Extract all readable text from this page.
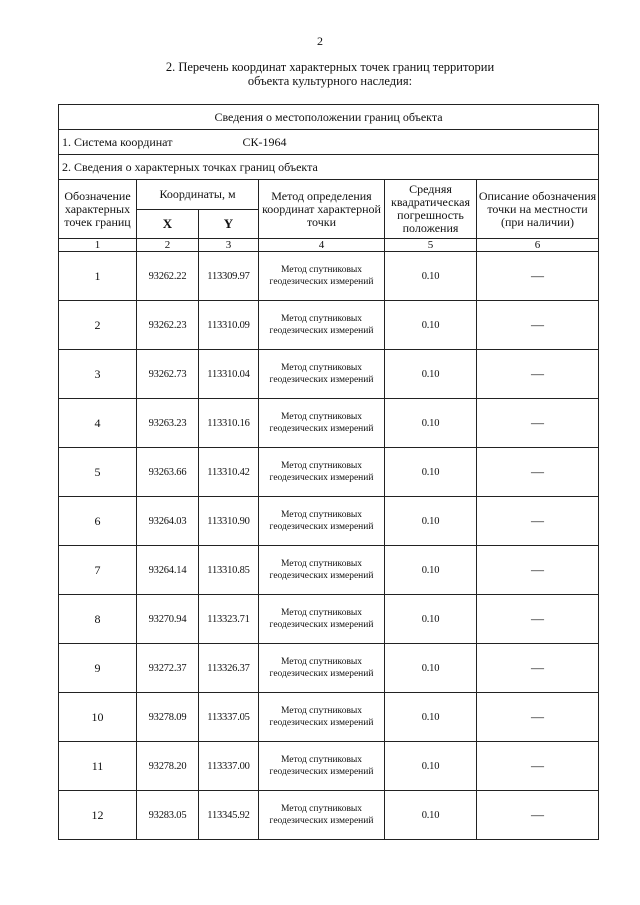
2
2. Перечень координат характерных точек границ территории
объекта культурного наследия:
Сведения о местоположении границ объекта					
1. Система координат СК-1964					
2. Сведения о характерных точках границ объекта					
Обозначение характерных точек границ	Координаты, м		Метод определения координат характерной точки	Средняя квадратическая погрешность положения	Описание обозначения точки на местности (при наличии)
	X	Y			
1	2	3	4	5	6
1	93262.22	113309.97	Метод спутниковых геодезических измерений	0.10	—
2	93262.23	113310.09	Метод спутниковых геодезических измерений	0.10	—
3	93262.73	113310.04	Метод спутниковых геодезических измерений	0.10	—
4	93263.23	113310.16	Метод спутниковых геодезических измерений	0.10	—
5	93263.66	113310.42	Метод спутниковых геодезических измерений	0.10	—
6	93264.03	113310.90	Метод спутниковых геодезических измерений	0.10	—
7	93264.14	113310.85	Метод спутниковых геодезических измерений	0.10	—
8	93270.94	113323.71	Метод спутниковых геодезических измерений	0.10	—
9	93272.37	113326.37	Метод спутниковых геодезических измерений	0.10	—
10	93278.09	113337.05	Метод спутниковых геодезических измерений	0.10	—
11	93278.20	113337.00	Метод спутниковых геодезических измерений	0.10	—
12	93283.05	113345.92	Метод спутниковых геодезических измерений	0.10	—
